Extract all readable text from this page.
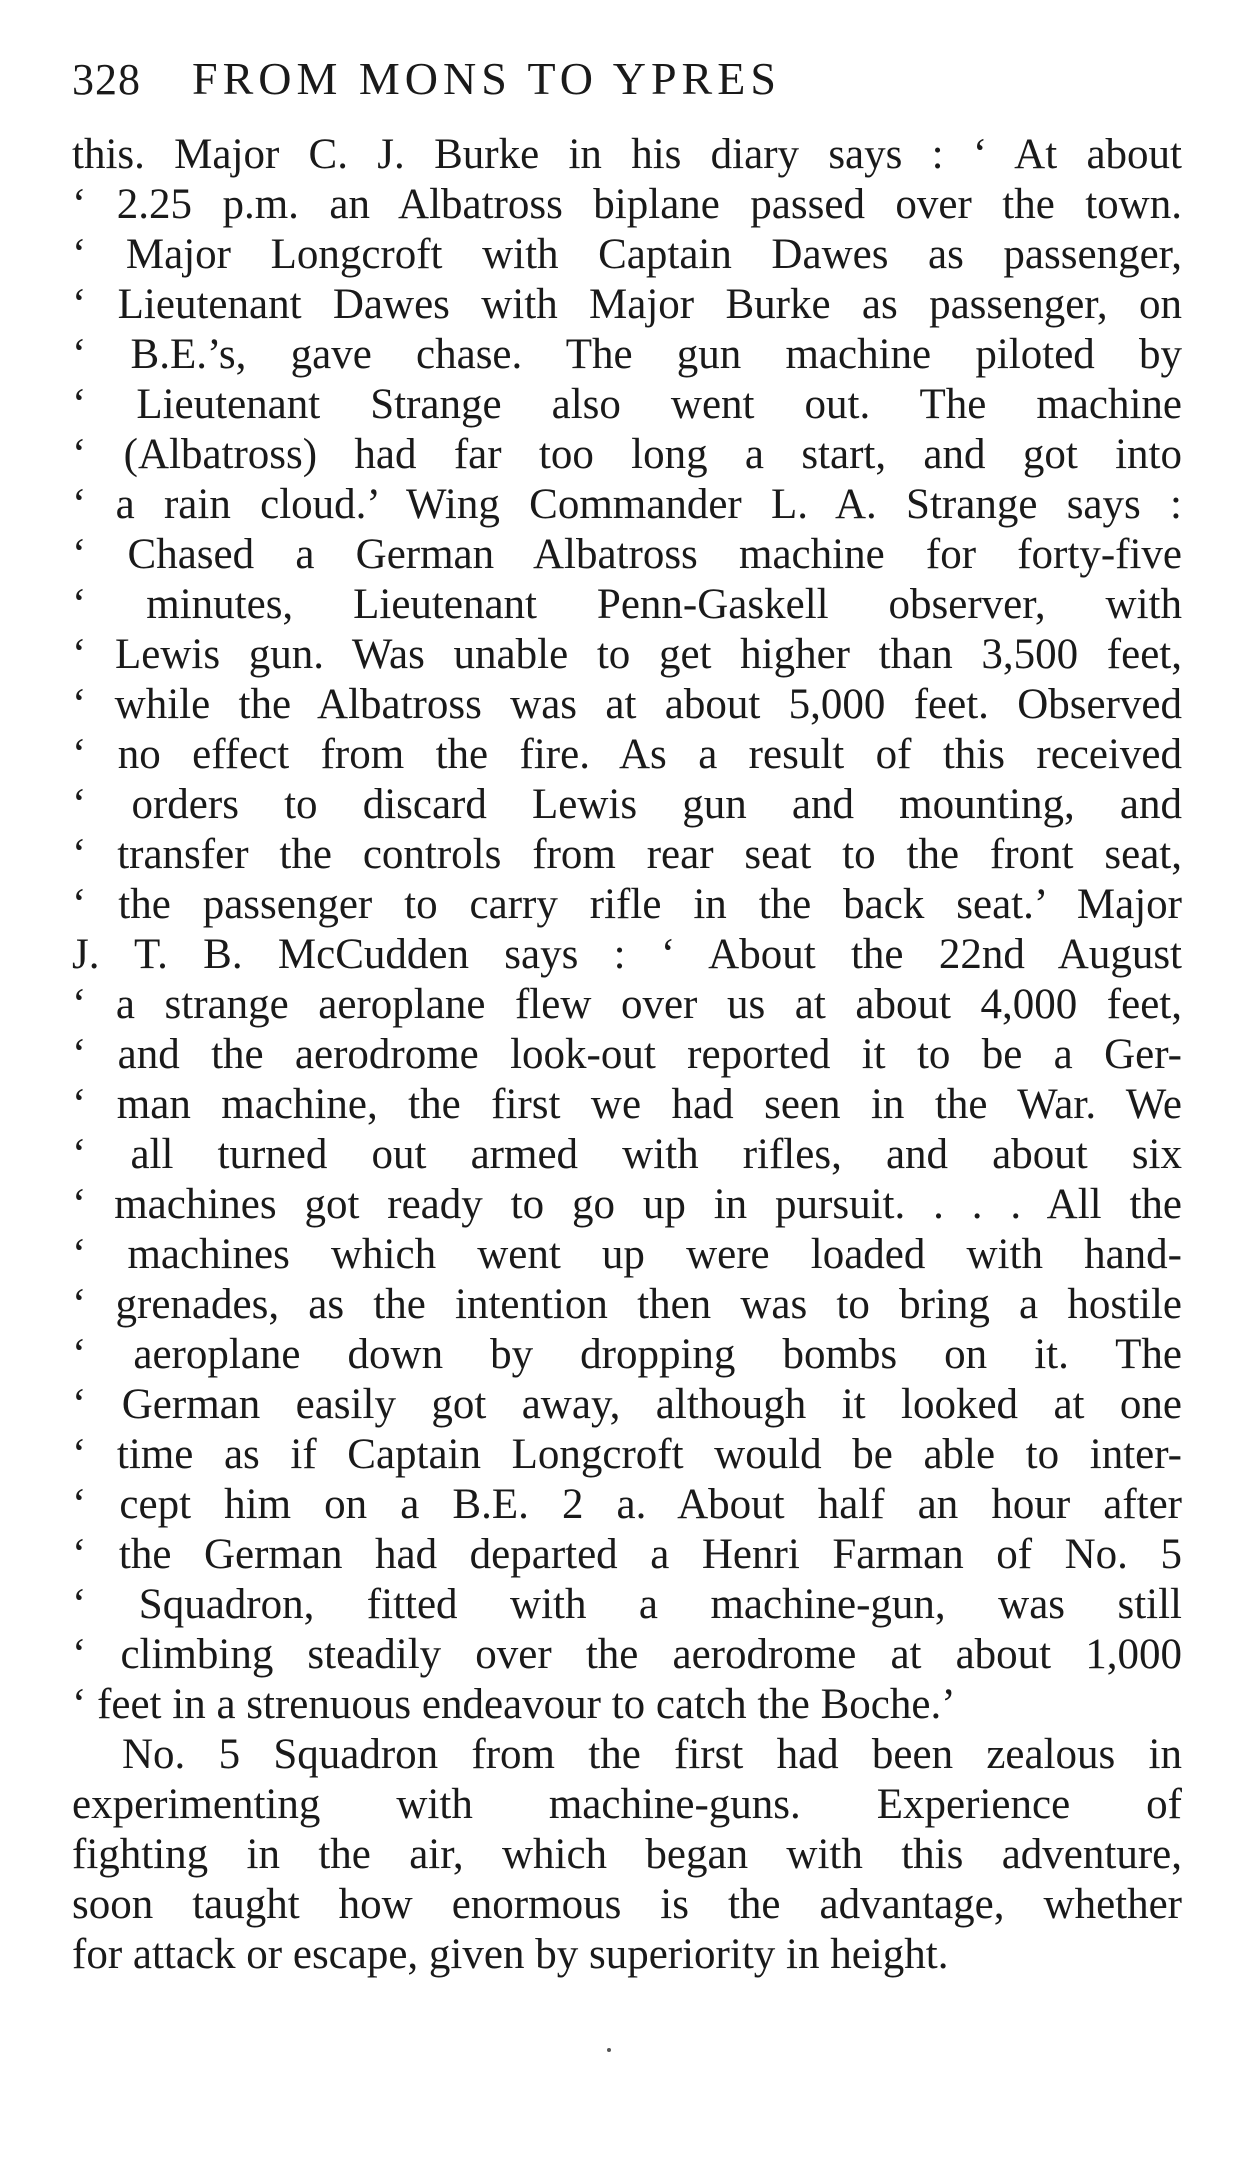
328	FROM MONS TO YPRES
this. Major C. J. Burke in his diary says : ‘ At about
‘ 2.25 p.m. an Albatross biplane passed over the town.
‘ Major Longcroft with Captain Dawes as passenger,
‘ Lieutenant Dawes with Major Burke as passenger, on
‘ B.E.’s, gave chase. The gun machine piloted by
‘ Lieutenant Strange also went out. The machine
‘ (Albatross) had far too long a start, and got into
‘ a rain cloud.’ Wing Commander L. A. Strange says :
‘ Chased a German Albatross machine for forty-five
‘ minutes, Lieutenant Penn-Gaskell observer, with
‘ Lewis gun. Was unable to get higher than 3,500 feet,
‘ while the Albatross was at about 5,000 feet. Observed
‘ no effect from the fire. As a result of this received
‘ orders to discard Lewis gun and mounting, and
‘ transfer the controls from rear seat to the front seat,
‘ the passenger to carry rifle in the back seat.’ Major
J. T. B. McCudden says : ‘ About the 22nd August
‘ a strange aeroplane flew over us at about 4,000 feet,
‘ and the aerodrome look-out reported it to be a Ger-
‘ man machine, the first we had seen in the War. We
‘ all turned out armed with rifles, and about six
‘ machines got ready to go up in pursuit. . . . All the
‘ machines which went up were loaded with hand-
‘ grenades, as the intention then was to bring a hostile
‘ aeroplane down by dropping bombs on it. The
‘ German easily got away, although it looked at one
‘ time as if Captain Longcroft would be able to inter-
‘ cept him on a B.E. 2 a. About half an hour after
‘ the German had departed a Henri Farman of No. 5
‘ Squadron, fitted with a machine-gun, was still
‘ climbing steadily over the aerodrome at about 1,000
‘ feet in a strenuous endeavour to catch the Boche.’
No. 5 Squadron from the first had been zealous in
experimenting with machine-guns. Experience of
fighting in the air, which began with this adventure,
soon taught how enormous is the advantage, whether
for attack or escape, given by superiority in height.
